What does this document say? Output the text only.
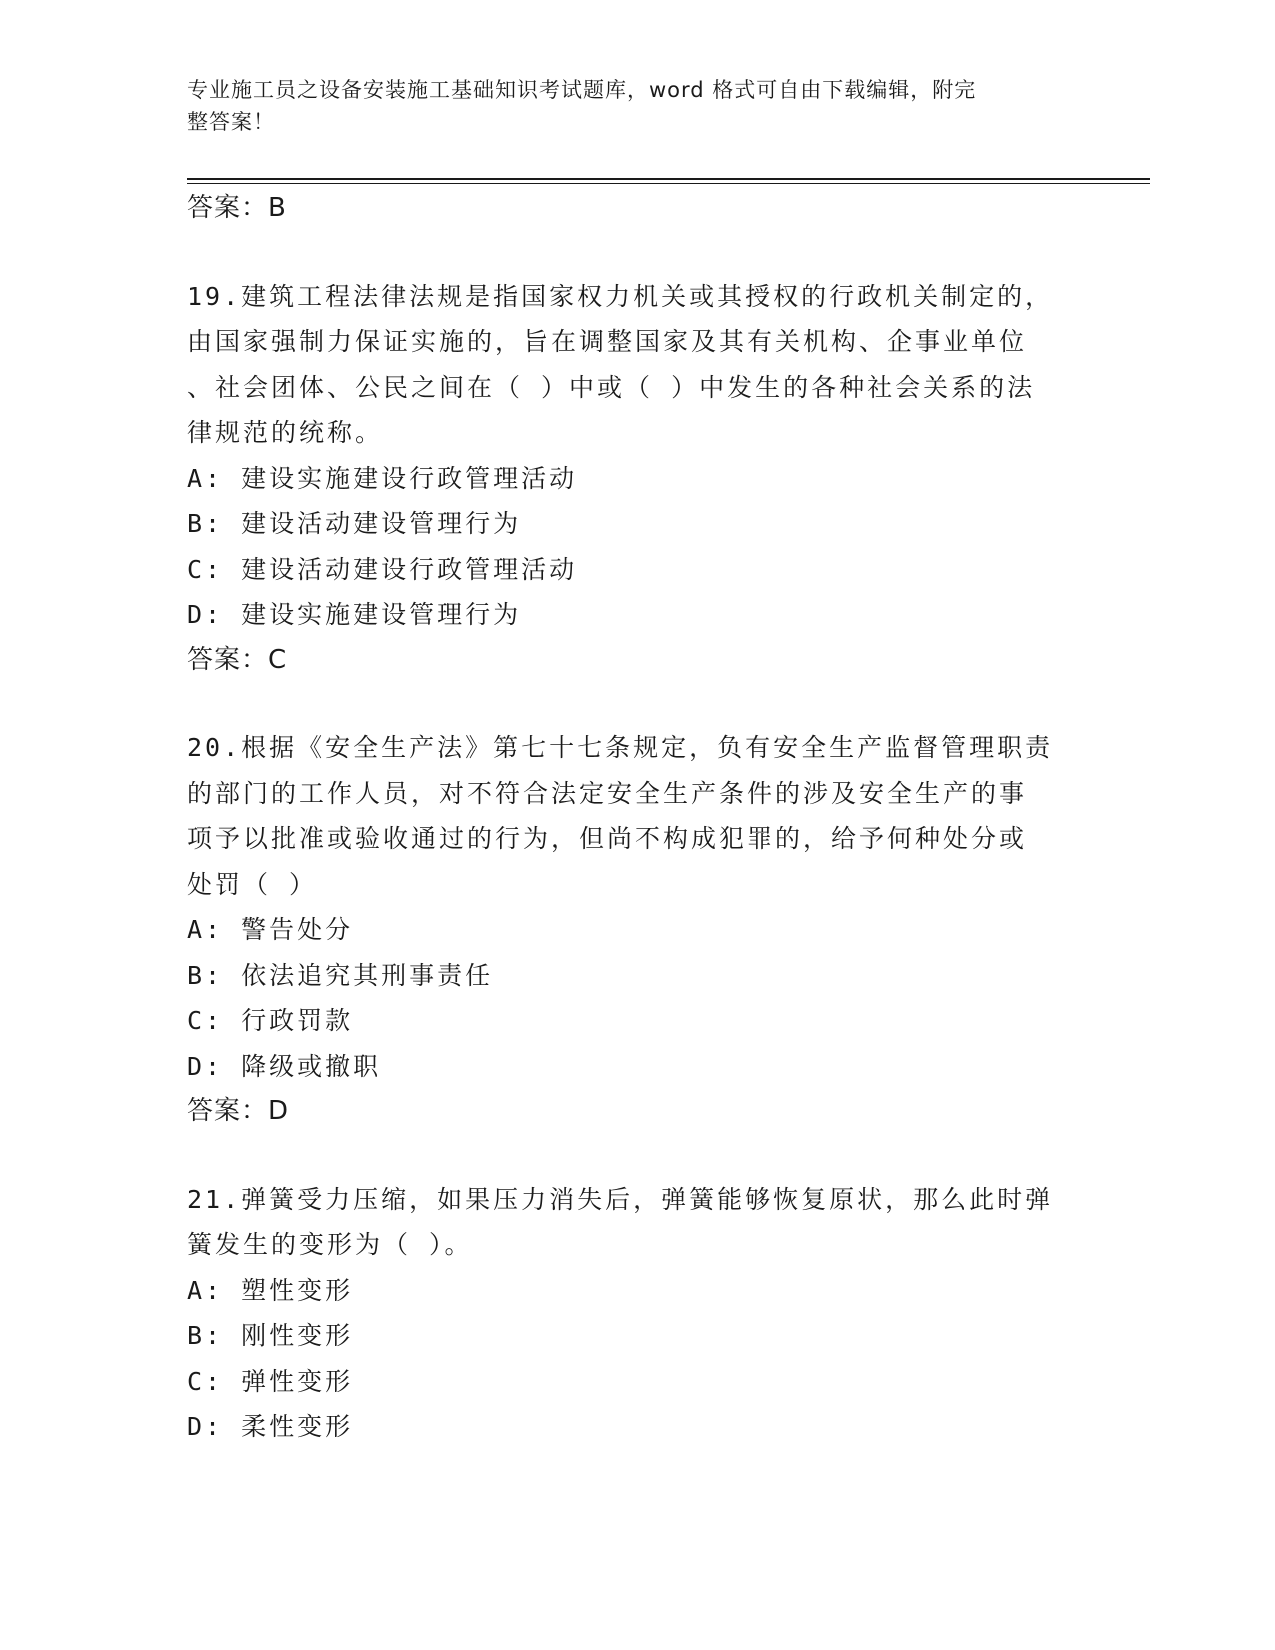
专业施工员之设备安装施工基础知识考试题库，word 格式可自由下载编辑，附完
整答案！
答案：B
19.建筑工程法律法规是指国家权力机关或其授权的行政机关制定的，
由国家强制力保证实施的，旨在调整国家及其有关机构、企事业单位
、社会团体、公民之间在（ ）中或（ ）中发生的各种社会关系的法
律规范的统称。
A: 建设实施建设行政管理活动
B: 建设活动建设管理行为
C: 建设活动建设行政管理活动
D: 建设实施建设管理行为
答案：C
20.根据《安全生产法》第七十七条规定，负有安全生产监督管理职责
的部门的工作人员，对不符合法定安全生产条件的涉及安全生产的事
项予以批准或验收通过的行为，但尚不构成犯罪的，给予何种处分或
处罚（ ）
A: 警告处分
B: 依法追究其刑事责任
C: 行政罚款
D: 降级或撤职
答案：D
21.弹簧受力压缩，如果压力消失后，弹簧能够恢复原状，那么此时弹
簧发生的变形为（ ）。
A: 塑性变形
B: 刚性变形
C: 弹性变形
D: 柔性变形
